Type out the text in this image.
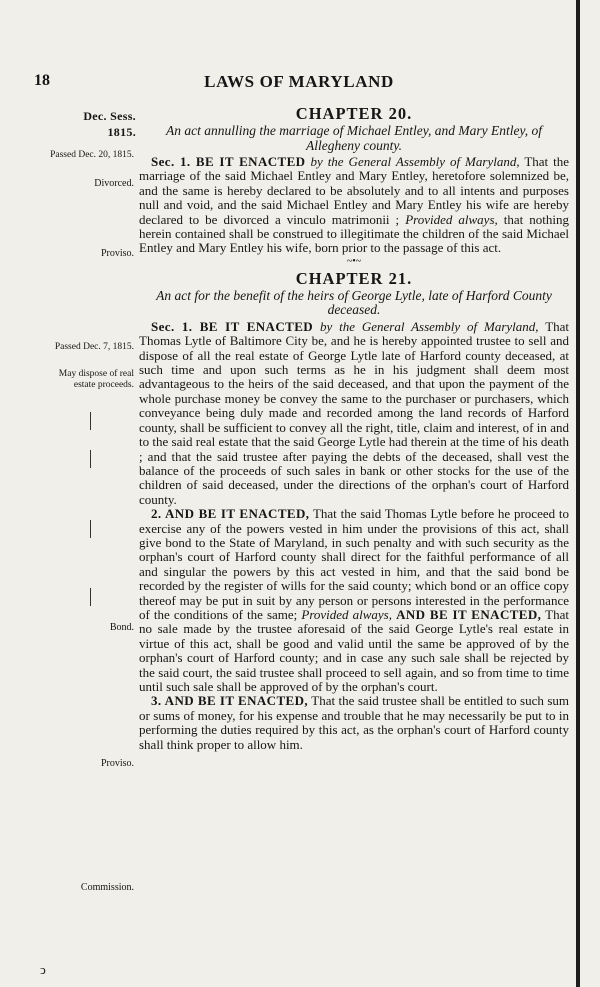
18	LAWS OF MARYLAND
Dec. Sess.
1815.
Passed Dec. 20, 1815.
Divorced.
Proviso.
Passed Dec. 7, 1815.
May dispose of real estate proceeds.
Bond.
Proviso.
Commission.
CHAPTER 20.

An act annulling the marriage of Michael Entley, and Mary Entley, of Allegheny county.

Sec. 1. BE IT ENACTED by the General Assembly of Maryland, That the marriage of the said Michael Entley and Mary Entley, heretofore solemnized be, and the same is hereby declared to be absolutely and to all intents and purposes null and void, and the said Michael Entley and Mary Entley his wife are hereby declared to be divorced a vinculo matrimonii ; Provided always, that nothing herein contained shall be construed to illegitimate the children of the said Michael Entley and Mary Entley his wife, born prior to the passage of this act.

~•~
CHAPTER 21.

An act for the benefit of the heirs of George Lytle, late of Harford County deceased.

Sec. 1. BE IT ENACTED by the General Assembly of Maryland, That Thomas Lytle of Baltimore City be, and he is hereby appointed trustee to sell and dispose of all the real estate of George Lytle late of Harford county deceased, at such time and upon such terms as he in his judgment shall deem most advantageous to the heirs of the said deceased, and that upon the payment of the whole purchase money be convey the same to the purchaser or purchasers, which conveyance being duly made and recorded among the land records of Harford county, shall be sufficient to convey all the right, title, claim and interest, of in and to the said real estate that the said George Lytle had therein at the time of his death ; and that the said trustee after paying the debts of the deceased, shall vest the balance of the proceeds of such sales in bank or other stocks for the use of the children of said deceased, under the directions of the orphan's court of Harford county.

2. AND BE IT ENACTED, That the said Thomas Lytle before he proceed to exercise any of the powers vested in him under the provisions of this act, shall give bond to the State of Maryland, in such penalty and with such security as the orphan's court of Harford county shall direct for the faithful performance of all and singular the powers by this act vested in him, and that the said bond be recorded by the register of wills for the said county; which bond or an office copy thereof may be put in suit by any person or persons interested in the performance of the conditions of the same; Provided always, AND BE IT ENACTED, That no sale made by the trustee aforesaid of the said George Lytle's real estate in virtue of this act, shall be good and valid until the same be approved of by the orphan's court of Harford county; and in case any such sale shall be rejected by the said court, the said trustee shall proceed to sell again, and so from time to time until such sale shall be approved of by the orphan's court.

3. AND BE IT ENACTED, That the said trustee shall be entitled to such sum or sums of money, for his expense and trouble that he may necessarily be put to in performing the duties required by this act, as the orphan's court of Harford county shall think proper to allow him.

ↄ
